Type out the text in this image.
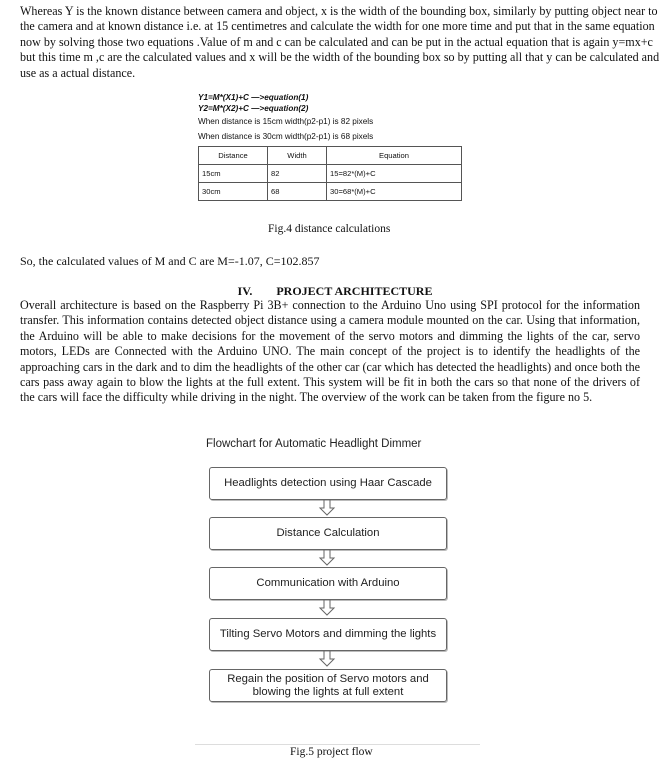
Whereas Y is the known distance between camera and object, x is the width of the bounding box, similarly by putting object near to
the camera and at known distance i.e. at 15 centimetres and calculate the width for one more time and put that in the same equation
now by solving those two equations .Value of m and c can be calculated and can be put in the actual equation that is again y=mx+c
but this time m ,c are the calculated values and x will be the width of the bounding box so by putting all that y can be calculated and
use as a actual distance.
Y1=M*(X1)+C —>equation(1)
Y2=M*(X2)+C —>equation(2)
When distance is 15cm width(p2-p1) is 82 pixels
When distance is 30cm width(p2-p1) is 68 pixels
Distance	Width	Equation
15cm	82	15=82*(M)+C
30cm	68	30=68*(M)+C
Fig.4 distance calculations
So, the calculated values of M and C are M=-1.07, C=102.857
IV. PROJECT ARCHITECTURE

Overall architecture is based on the Raspberry Pi 3B+ connection to the Arduino Uno using SPI protocol for the information transfer. This information contains detected object distance using a camera module mounted on the car. Using that information, the Arduino will be able to make decisions for the movement of the servo motors and dimming the lights of the car, servo motors, LEDs are Connected with the Arduino UNO. The main concept of the project is to identify the headlights of the approaching cars in the dark and to dim the headlights of the other car (car which has detected the headlights) and once both the cars pass away again to blow the lights at the full extent. This system will be fit in both the cars so that none of the drivers of the cars will face the difficulty while driving in the night. The overview of the work can be taken from the figure no 5.

Flowchart for Automatic Headlight Dimmer
Headlights detection using Haar Cascade
Distance Calculation
Communication with Arduino
Tilting Servo Motors and dimming the lights
Regain the position of Servo motors and blowing the lights at full extent
Fig.5 project flow
